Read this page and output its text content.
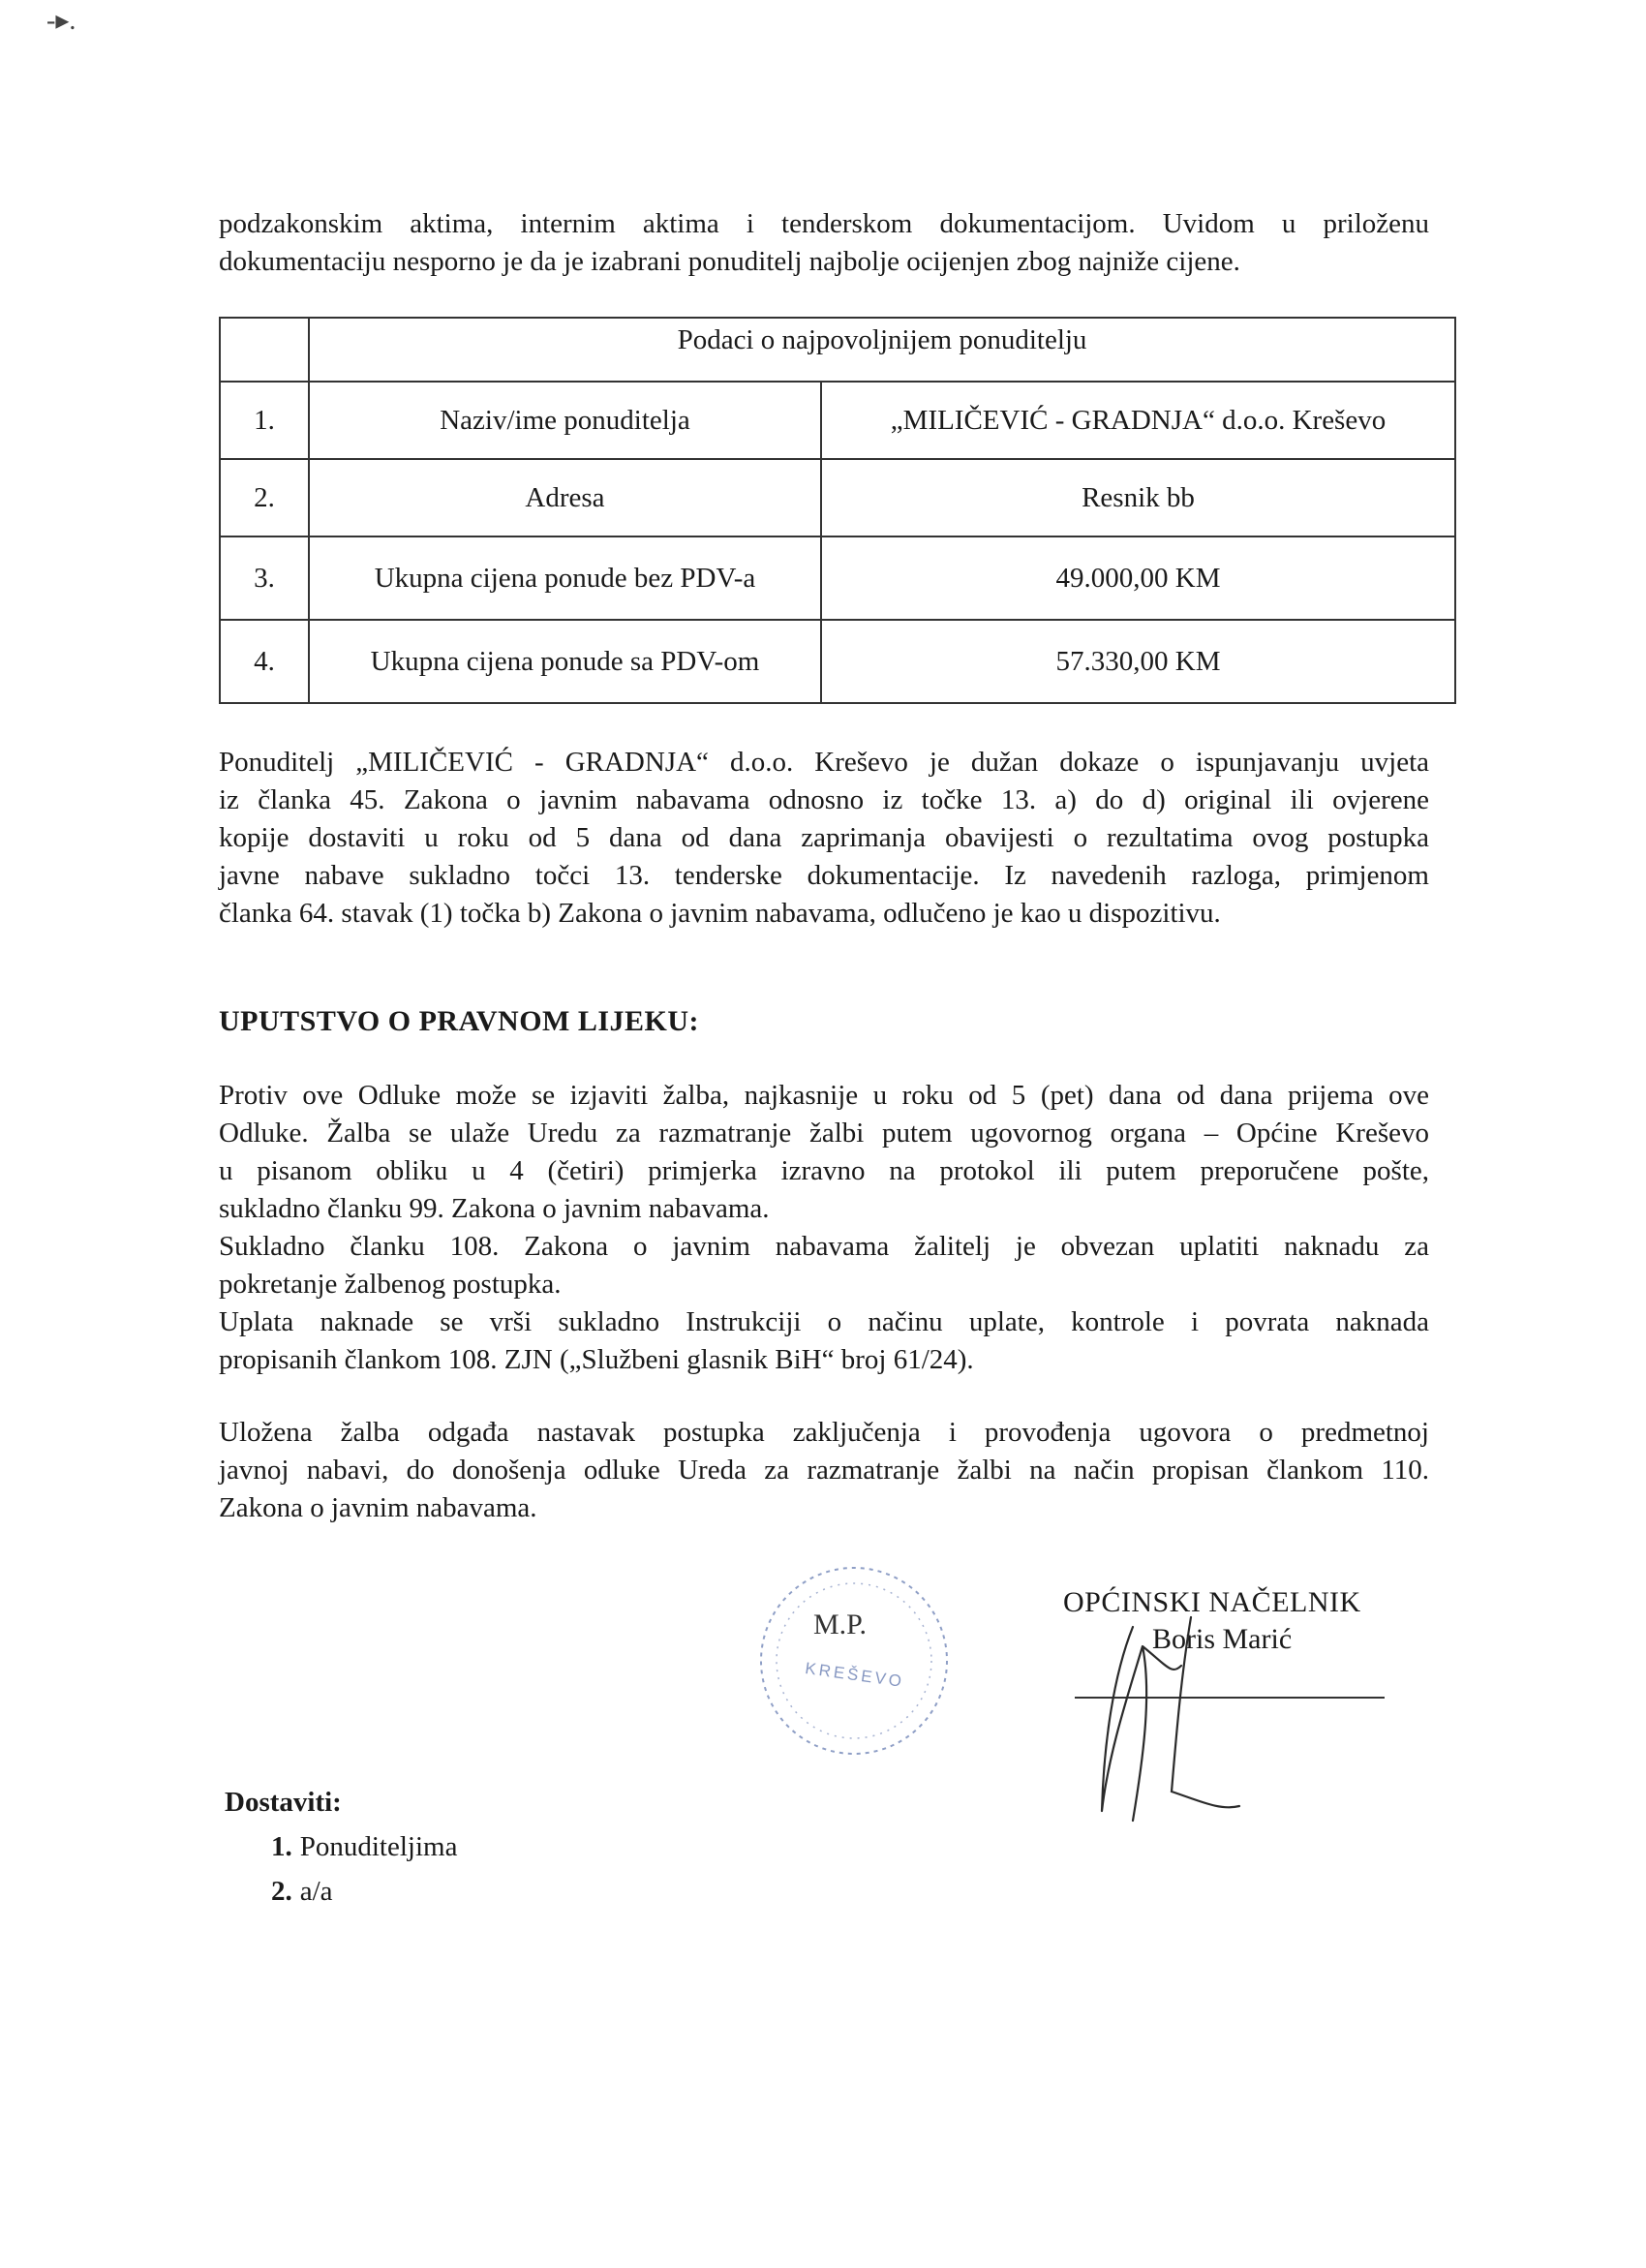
-▸.

podzakonskim aktima, internim aktima i tenderskom dokumentacijom. Uvidom u priloženu
dokumentaciju nesporno je da je izabrani ponuditelj najbolje ocijenjen zbog najniže cijene.

	Podaci o najpovoljnijem ponuditelju	
1.	Naziv/ime ponuditelja	„MILIČEVIĆ - GRADNJA“ d.o.o. Kreševo
2.	Adresa	Resnik bb
3.	Ukupna cijena ponude bez PDV-a	49.000,00 KM
4.	Ukupna cijena ponude sa PDV-om	57.330,00 KM

Ponuditelj „MILIČEVIĆ - GRADNJA“ d.o.o. Kreševo je dužan dokaze o ispunjavanju uvjeta
iz članka 45. Zakona o javnim nabavama odnosno iz točke 13. a) do d) original ili ovjerene
kopije dostaviti u roku od 5 dana od dana zaprimanja obavijesti o rezultatima ovog postupka
javne nabave sukladno točci 13. tenderske dokumentacije. Iz navedenih razloga, primjenom
članka 64. stavak (1) točka b) Zakona o javnim nabavama, odlučeno je kao u dispozitivu.

UPUTSTVO O PRAVNOM LIJEKU:

Protiv ove Odluke može se izjaviti žalba, najkasnije u roku od 5 (pet) dana od dana prijema ove
Odluke. Žalba se ulaže Uredu za razmatranje žalbi putem ugovornog organa – Općine Kreševo
u pisanom obliku u 4 (četiri) primjerka izravno na protokol ili putem preporučene pošte,
sukladno članku 99. Zakona o javnim nabavama.
Sukladno članku 108. Zakona o javnim nabavama žalitelj je obvezan uplatiti naknadu za
pokretanje žalbenog postupka.
Uplata naknade se vrši sukladno Instrukciji o načinu uplate, kontrole i povrata naknada
propisanih člankom 108. ZJN („Službeni glasnik BiH“ broj 61/24).

Uložena žalba odgađa nastavak postupka zaključenja i provođenja ugovora o predmetnoj
javnoj nabavi, do donošenja odluke Ureda za razmatranje žalbi na način propisan člankom 110.
Zakona o javnim nabavama.

M.P.
KREŠEVO

OPĆINSKI NAČELNIK

Boris Marić

Dostaviti:

1. Ponuditeljima

2. a/a
